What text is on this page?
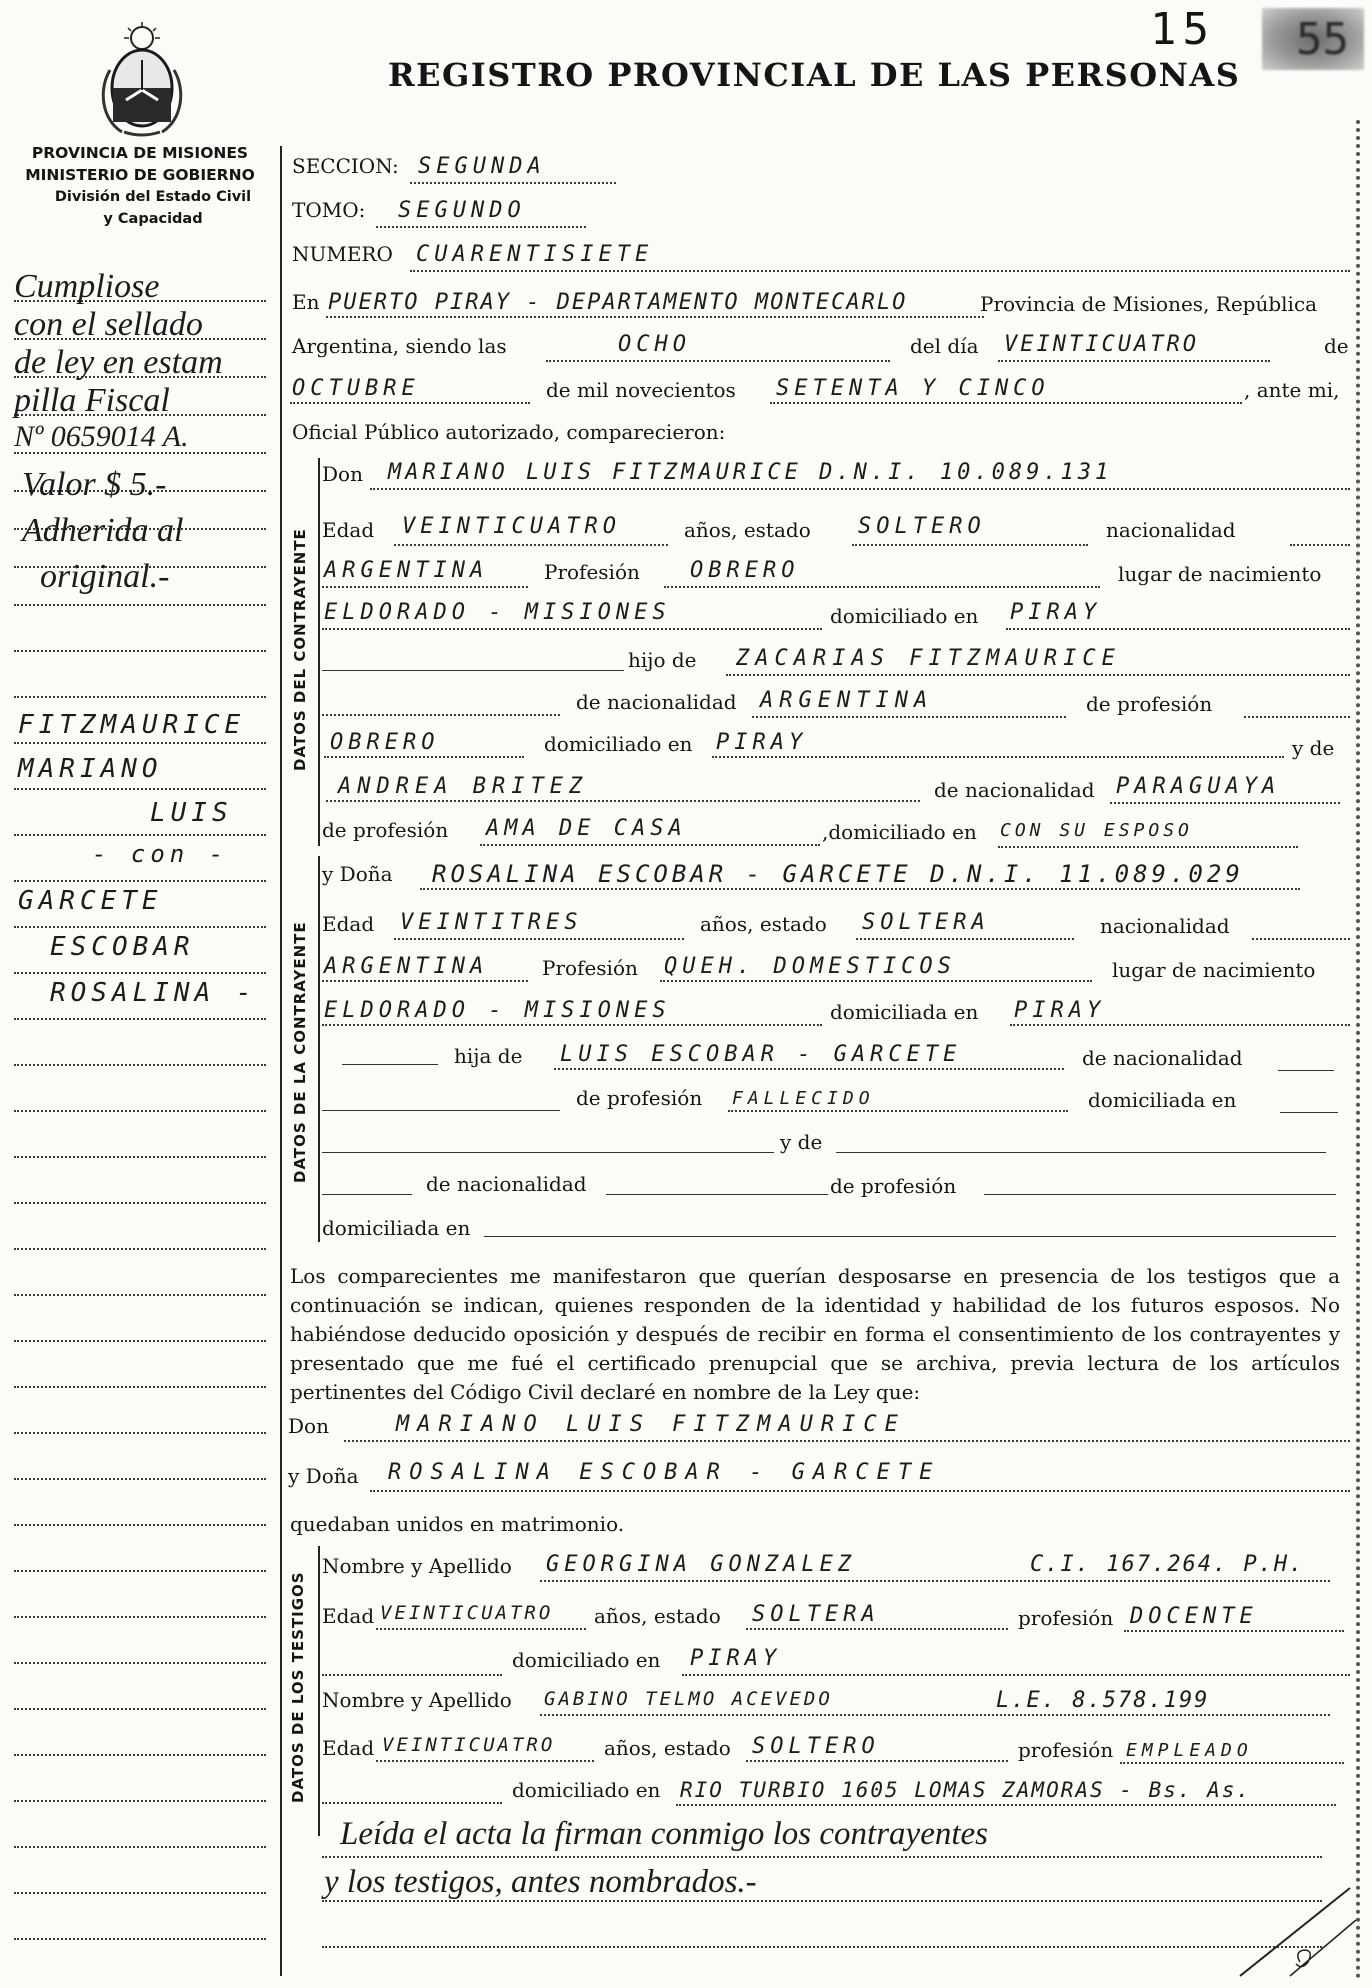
15 55
PROVINCIA DE MISIONES
MINISTERIO DE GOBIERNO
División del Estado Civil
y Capacidad
REGISTRO PROVINCIAL DE LAS PERSONAS
Cumpliose
con el sellado
de ley en estam
pilla Fiscal
Nº 0659014 A.
Valor $ 5.-
Adherida al
original.-
FITZMAURICE
MARIANO
LUIS
- con -
GARCETE
ESCOBAR
ROSALINA -
SECCION: SEGUNDA
TOMO: SEGUNDO
NUMERO CUARENTISIETE
En PUERTO PIRAY - DEPARTAMENTO MONTECARLO	Provincia de Misiones, República
Argentina, siendo las	OCHO	del día VEINTICUATRO	de
OCTUBRE	de mil novecientos SETENTA Y CINCO	, ante mi,
Oficial Público autorizado, comparecieron:
DATOS DEL CONTRAYENTE
Don MARIANO LUIS FITZMAURICE D.N.I. 10.089.131
Edad VEINTICUATRO	años, estado SOLTERO	nacionalidad
ARGENTINA	Profesión OBRERO	lugar de nacimiento
ELDORADO - MISIONES	domiciliado en PIRAY
hijo de ZACARIAS FITZMAURICE
de nacionalidad ARGENTINA	de profesión
OBRERO	domiciliado en PIRAY	y de
ANDREA BRITEZ	de nacionalidad PARAGUAYA
de profesión AMA DE CASA	,domiciliado en CON SU ESPOSO
DATOS DE LA CONTRAYENTE
y Doña ROSALINA ESCOBAR - GARCETE D.N.I. 11.089.029
Edad VEINTITRES	años, estado SOLTERA	nacionalidad
ARGENTINA	Profesión QUEH. DOMESTICOS	lugar de nacimiento
ELDORADO - MISIONES	domiciliada en PIRAY
hija de LUIS ESCOBAR - GARCETE	de nacionalidad
de profesión FALLECIDO	domiciliada en
y de
de nacionalidad	de profesión
domiciliada en
Los comparecientes me manifestaron que querían desposarse en presencia de los testigos que a continuación se indican, quienes responden de la identidad y habilidad de los futuros esposos. No habiéndose deducido oposición y después de recibir en forma el consentimiento de los contrayentes y presentado que me fué el certificado prenupcial que se archiva, previa lectura de los artículos pertinentes del Código Civil declaré en nombre de la Ley que:
Don	MARIANO LUIS FITZMAURICE
y Doña ROSALINA ESCOBAR - GARCETE
quedaban unidos en matrimonio.
DATOS DE LOS TESTIGOS
Nombre y Apellido GEORGINA GONZALEZ	C.I. 167.264. P.H.
Edad VEINTICUATRO años, estado SOLTERA	profesión DOCENTE
domiciliado en PIRAY
Nombre y Apellido GABINO TELMO ACEVEDO	L.E. 8.578.199
Edad VEINTICUATRO años, estado SOLTERO	profesión EMPLEADO
domiciliado en RIO TURBIO 1605 LOMAS ZAMORAS - Bs. As.
Leída el acta la firman conmigo los contrayentes
y los testigos, antes nombrados.-
